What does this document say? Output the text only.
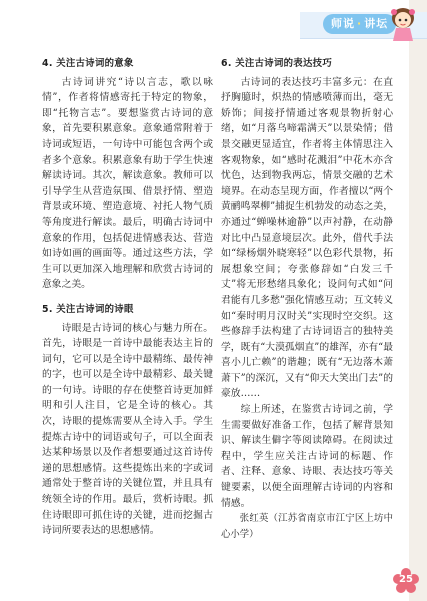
师说 · 讲坛
4. 关注古诗词的意象

古诗词讲究“诗以言志，歌以咏情”，作者将情感寄托于特定的物象，即“托物言志”。要想鉴赏古诗词的意象，首先要积累意象。意象通常附着于诗词或短语，一句诗中可能包含两个或者多个意象。积累意象有助于学生快速解读诗词。其次，解读意象。教师可以引导学生从营造氛围、借景抒情、塑造背景或环境、塑造意境、衬托人物气质等角度进行解读。最后，明确古诗词中意象的作用，包括促进情感表达、营造如诗如画的画面等。通过这些方法，学生可以更加深入地理解和欣赏古诗词的意象之美。

5. 关注古诗词的诗眼

诗眼是古诗词的核心与魅力所在。首先，诗眼是一首诗中最能表达主旨的词句，它可以是全诗中最精练、最传神的字，也可以是全诗中最精彩、最关键的一句诗。诗眼的存在使整首诗更加鲜明和引人注目，它是全诗的核心。其次，诗眼的提炼需要从全诗入手。学生提炼古诗中的词语或句子，可以全面表达某种场景以及作者想要通过这首诗传递的思想感情。这些提炼出来的字或词通常处于整首诗的关键位置，并且具有统领全诗的作用。最后，赏析诗眼。抓住诗眼即可抓住诗的关键，进而挖掘古诗词所要表达的思想感情。

6. 关注古诗词的表达技巧

古诗词的表达技巧丰富多元：在直抒胸臆时，炽热的情感喷薄而出，毫无娇饰；间接抒情通过客观景物折射心绪，如“月落乌啼霜满天”以景染情；借景交融更显适宜，作者将主体情思注入客观物象，如“感时花溅泪”中花木亦含忧色，达到物我两忘，情景交融的艺术境界。在动态呈现方面，作者擅以“两个黄鹂鸣翠柳”捕捉生机勃发的动态之美，亦通过“蝉噪林逾静”以声衬静，在动静对比中凸显意境层次。此外，借代手法如“绿杨烟外晓寒轻”以色彩代景物，拓展想象空间；夸张修辞如“白发三千丈”将无形愁绪具象化；设问句式如“问君能有几多愁”强化情感互动；互文转义如“秦时明月汉时关”实现时空交织。这些修辞手法构建了古诗词语言的独特美学，既有“大漠孤烟直”的雄浑，亦有“最喜小儿亡赖”的谐趣；既有“无边落木萧萧下”的深沉，又有“仰天大笑出门去”的豪放……

综上所述，在鉴赏古诗词之前，学生需要做好准备工作，包括了解背景知识、解读生僻字等阅读障碍。在阅读过程中，学生应关注古诗词的标题、作者、注释、意象、诗眼、表达技巧等关键要素，以便全面理解古诗词的内容和情感。

张红英（江苏省南京市江宁区上坊中心小学）

25
